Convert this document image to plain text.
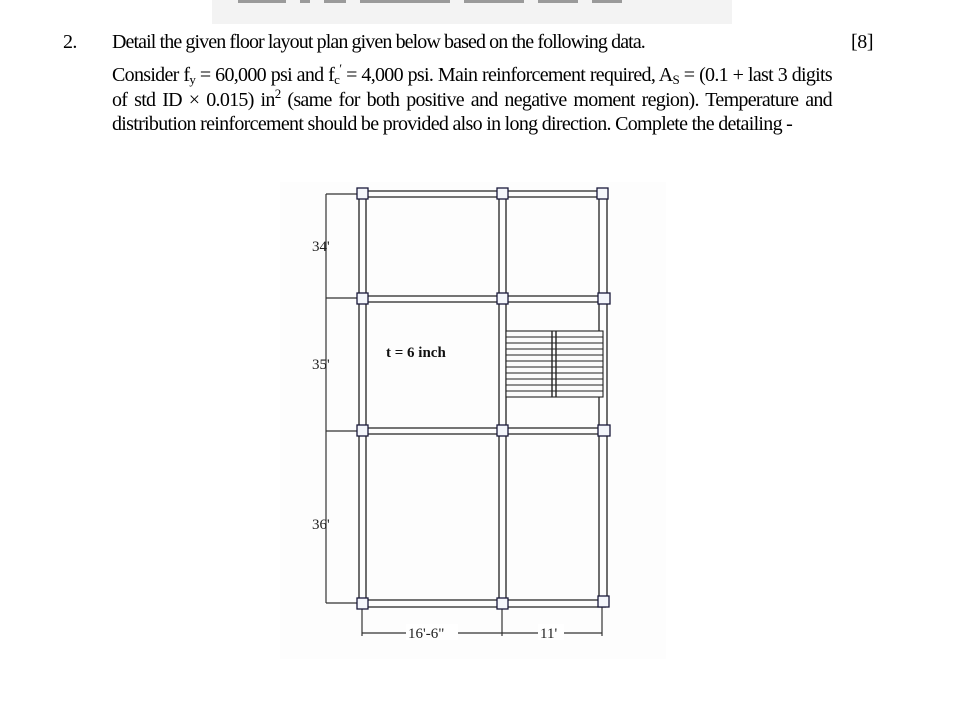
2. Detail the given floor layout plan given below based on the following data.	[8]

Consider $f_y = 60,000$ psi and $f_c' = 4,000$ psi. Main reinforcement required, $A_S = (0.1$ + last 3 digits of std ID × 0.015) $in^2$ (same for both positive and negative moment region). Temperature and distribution reinforcement should be provided also in long direction. Complete the detailing -

t = 6 inch
34'
35'
36'
16'-6"	11'
